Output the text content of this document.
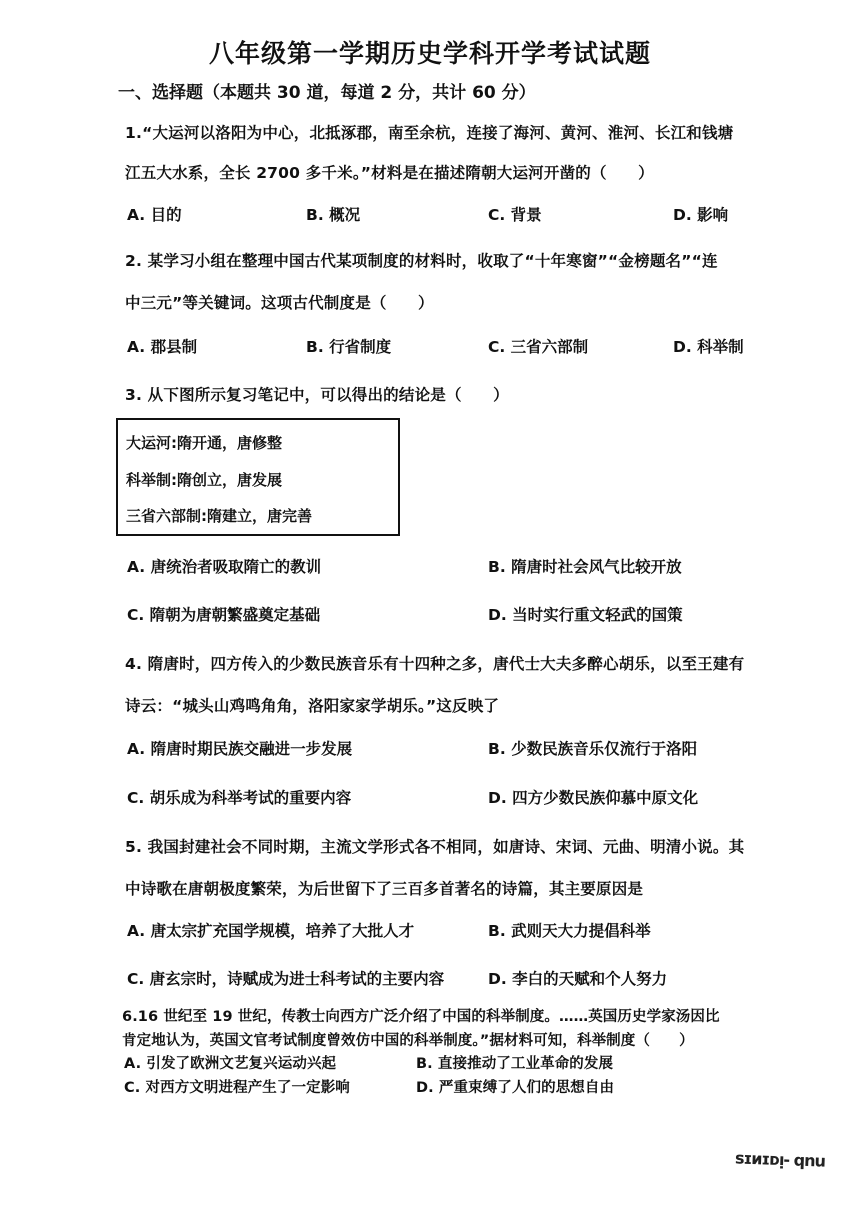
八年级第一学期历史学科开学考试试题
一、选择题（本题共 30 道，每道 2 分，共计 60 分）
1.“大运河以洛阳为中心，北抵涿郡，南至余杭，连接了海河、黄河、淮河、长江和钱塘
江五大水系，全长 2700 多千米。”材料是在描述隋朝大运河开凿的（　　）
A. 目的	B. 概况	C. 背景	D. 影响
2. 某学习小组在整理中国古代某项制度的材料时，收取了“十年寒窗”“金榜题名”“连
中三元”等关键词。这项古代制度是（　　）
A. 郡县制	B. 行省制度	C. 三省六部制	D. 科举制
3. 从下图所示复习笔记中，可以得出的结论是（　　）
大运河:隋开通，唐修整
科举制:隋创立，唐发展
三省六部制:隋建立，唐完善
A. 唐统治者吸取隋亡的教训	B. 隋唐时社会风气比较开放
C. 隋朝为唐朝繁盛奠定基础	D. 当时实行重文轻武的国策
4. 隋唐时，四方传入的少数民族音乐有十四种之多，唐代士大夫多醉心胡乐，以至王建有
诗云：“城头山鸡鸣角角，洛阳家家学胡乐。”这反映了
A. 隋唐时期民族交融进一步发展	B. 少数民族音乐仅流行于洛阳
C. 胡乐成为科举考试的重要内容	D. 四方少数民族仰慕中原文化
5. 我国封建社会不同时期，主流文学形式各不相同，如唐诗、宋词、元曲、明清小说。其
中诗歌在唐朝极度繁荣，为后世留下了三百多首著名的诗篇，其主要原因是
A. 唐太宗扩充国学规模，培养了大批人才	B. 武则天大力提倡科举
C. 唐玄宗时，诗赋成为进士科考试的主要内容	D. 李白的天赋和个人努力
6.16 世纪至 19 世纪，传教士向西方广泛介绍了中国的科举制度。……英国历史学家汤因比
肯定地认为，英国文官考试制度曾效仿中国的科举制度。”据材料可知，科举制度（　　）
A. 引发了欧洲文艺复兴运动兴起	B. 直接推动了工业革命的发展
C. 对西方文明进程产生了一定影响	D. 严重束缚了人们的思想自由
ѕɪᴎɪᴅᴉ- qnu
